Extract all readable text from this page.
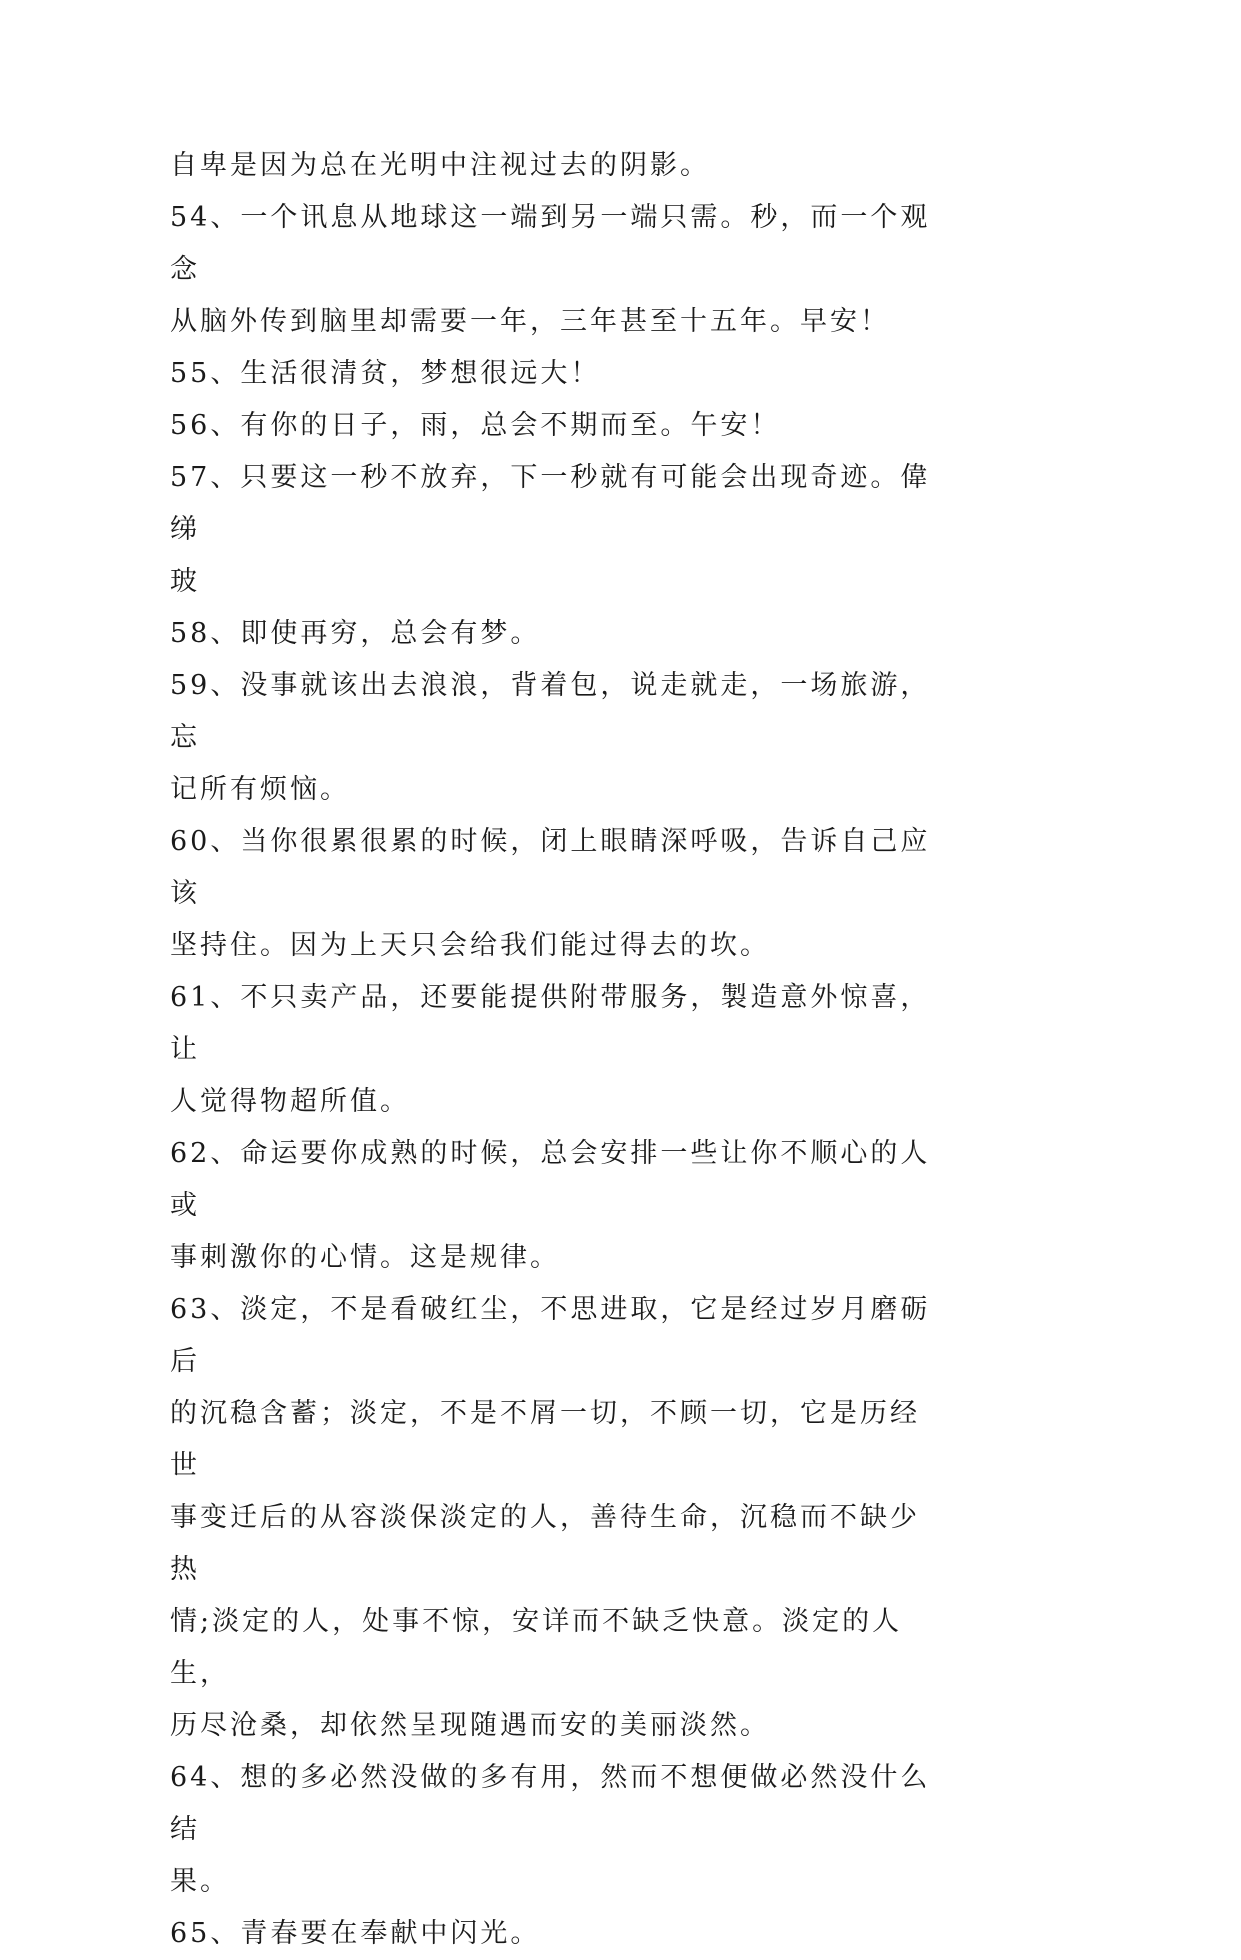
自卑是因为总在光明中注视过去的阴影。

54、一个讯息从地球这一端到另一端只需。秒，而一个观念

从脑外传到脑里却需要一年，三年甚至十五年。早安！

55、生活很清贫，梦想很远大！

56、有你的日子，雨，总会不期而至。午安！

57、只要这一秒不放弃，下一秒就有可能会出现奇迹。偉绨

玻

58、即使再穷，总会有梦。

59、没事就该出去浪浪，背着包，说走就走，一场旅游，忘

记所有烦恼。

60、当你很累很累的时候，闭上眼睛深呼吸，告诉自己应该

坚持住。因为上天只会给我们能过得去的坎。

61、不只卖产品，还要能提供附带服务，製造意外惊喜，让

人觉得物超所值。

62、命运要你成熟的时候，总会安排一些让你不顺心的人或

事刺激你的心情。这是规律。

63、淡定，不是看破红尘，不思进取，它是经过岁月磨砺后

的沉稳含蓄；淡定，不是不屑一切，不顾一切，它是历经世

事变迁后的从容淡保淡定的人，善待生命，沉稳而不缺少热

情;淡定的人，处事不惊，安详而不缺乏快意。淡定的人生，

历尽沧桑，却依然呈现随遇而安的美丽淡然。

64、想的多必然没做的多有用，然而不想便做必然没什么结

果。

65、青春要在奉献中闪光。
